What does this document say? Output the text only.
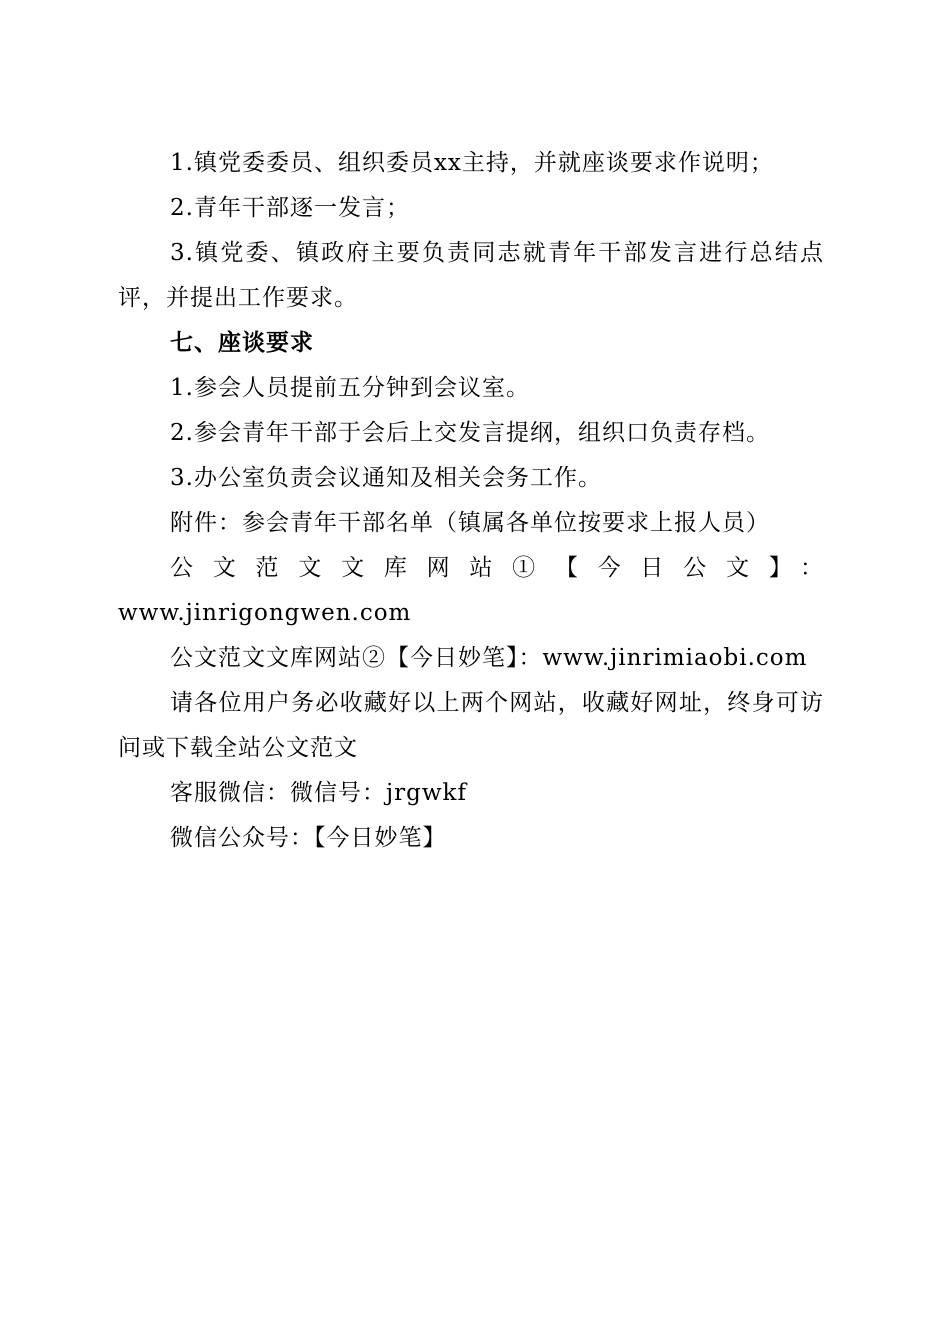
1.镇党委委员、组织委员xx主持，并就座谈要求作说明；

2.青年干部逐一发言；

3.镇党委、镇政府主要负责同志就青年干部发言进行总结点评，并提出工作要求。

七、座谈要求

1.参会人员提前五分钟到会议室。

2.参会青年干部于会后上交发言提纲，组织口负责存档。

3.办公室负责会议通知及相关会务工作。

附件：参会青年干部名单（镇属各单位按要求上报人员）

公文范文文库网站①【今日公文】：

www.jinrigongwen.com

公文范文文库网站②【今日妙笔】：www.jinrimiaobi.com

请各位用户务必收藏好以上两个网站，收藏好网址，终身可访问或下载全站公文范文

客服微信：微信号：jrgwkf

微信公众号：【今日妙笔】
